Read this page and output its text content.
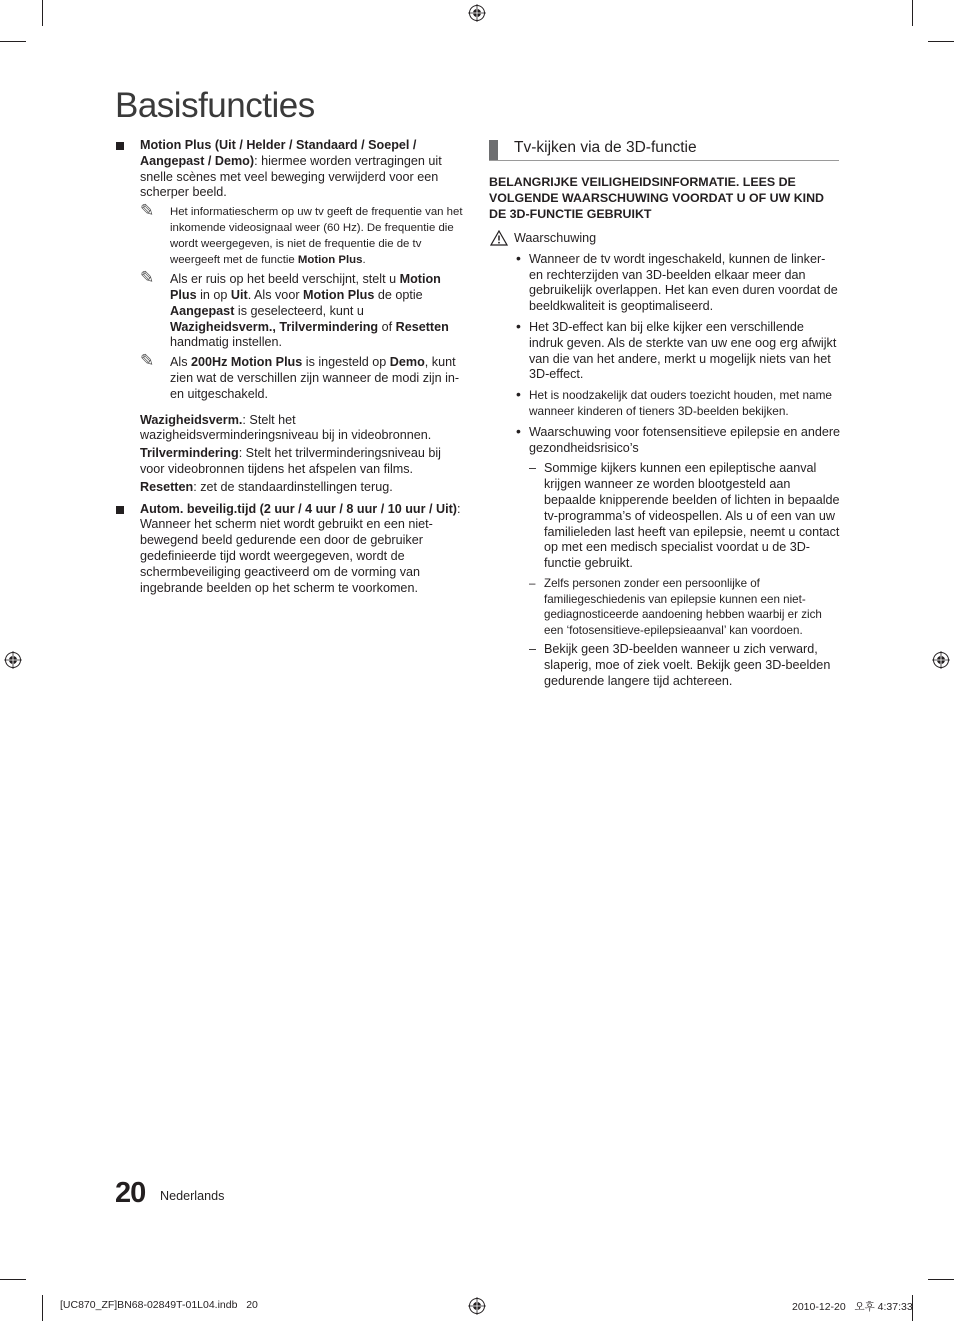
Basisfuncties
Motion Plus (Uit / Helder / Standaard / Soepel / Aangepast / Demo): hiermee worden vertragingen uit snelle scènes met veel beweging verwijderd voor een scherper beeld.
✎ Het informatiescherm op uw tv geeft de frequentie van het inkomende videosignaal weer (60 Hz). De frequentie die wordt weergegeven, is niet de frequentie die de tv weergeeft met de functie Motion Plus.
✎ Als er ruis op het beeld verschijnt, stelt u Motion Plus in op Uit. Als voor Motion Plus de optie Aangepast is geselecteerd, kunt u Wazigheidsverm., Trilvermindering of Resetten handmatig instellen.
✎ Als 200Hz Motion Plus is ingesteld op Demo, kunt zien wat de verschillen zijn wanneer de modi zijn in- en uitgeschakeld.

Wazigheidsverm.: Stelt het wazigheidsverminderingsniveau bij in videobronnen.

Trilvermindering: Stelt het trilverminderingsniveau bij voor videobronnen tijdens het afspelen van films.

Resetten: zet de standaardinstellingen terug.

Autom. beveilig.tijd (2 uur / 4 uur / 8 uur / 10 uur / Uit): Wanneer het scherm niet wordt gebruikt en een niet-bewegend beeld gedurende een door de gebruiker gedefinieerde tijd wordt weergegeven, wordt de schermbeveiliging geactiveerd om de vorming van ingebrande beelden op het scherm te voorkomen.
Tv-kijken via de 3D-functie
BELANGRIJKE VEILIGHEIDSINFORMATIE. LEES DE VOLGENDE WAARSCHUWING VOORDAT U OF UW KIND DE 3D-FUNCTIE GEBRUIKT
Waarschuwing
• Wanneer de tv wordt ingeschakeld, kunnen de linker- en rechterzijden van 3D-beelden elkaar meer dan gebruikelijk overlappen. Het kan even duren voordat de beeldkwaliteit is geoptimaliseerd.
• Het 3D-effect kan bij elke kijker een verschillende indruk geven. Als de sterkte van uw ene oog erg afwijkt van die van het andere, merkt u mogelijk niets van het 3D-effect.
• Het is noodzakelijk dat ouders toezicht houden, met name wanneer kinderen of tieners 3D-beelden bekijken.
• Waarschuwing voor fotensensitieve epilepsie en andere gezondheidsrisico’s
– Sommige kijkers kunnen een epileptische aanval krijgen wanneer ze worden blootgesteld aan bepaalde knipperende beelden of lichten in bepaalde tv-programma’s of videospellen. Als u of een van uw familieleden last heeft van epilepsie, neemt u contact op met een medisch specialist voordat u de 3D-functie gebruikt.
– Zelfs personen zonder een persoonlijke of familiegeschiedenis van epilepsie kunnen een niet-gediagnosticeerde aandoening hebben waarbij er zich een ‘fotosensitieve-epilepsieaanval’ kan voordoen.
– Bekijk geen 3D-beelden wanneer u zich verward, slaperig, moe of ziek voelt. Bekijk geen 3D-beelden gedurende langere tijd achtereen.
20 Nederlands
[UC870_ZF]BN68-02849T-01L04.indb   20	2010-12-20   오후 4:37:33
